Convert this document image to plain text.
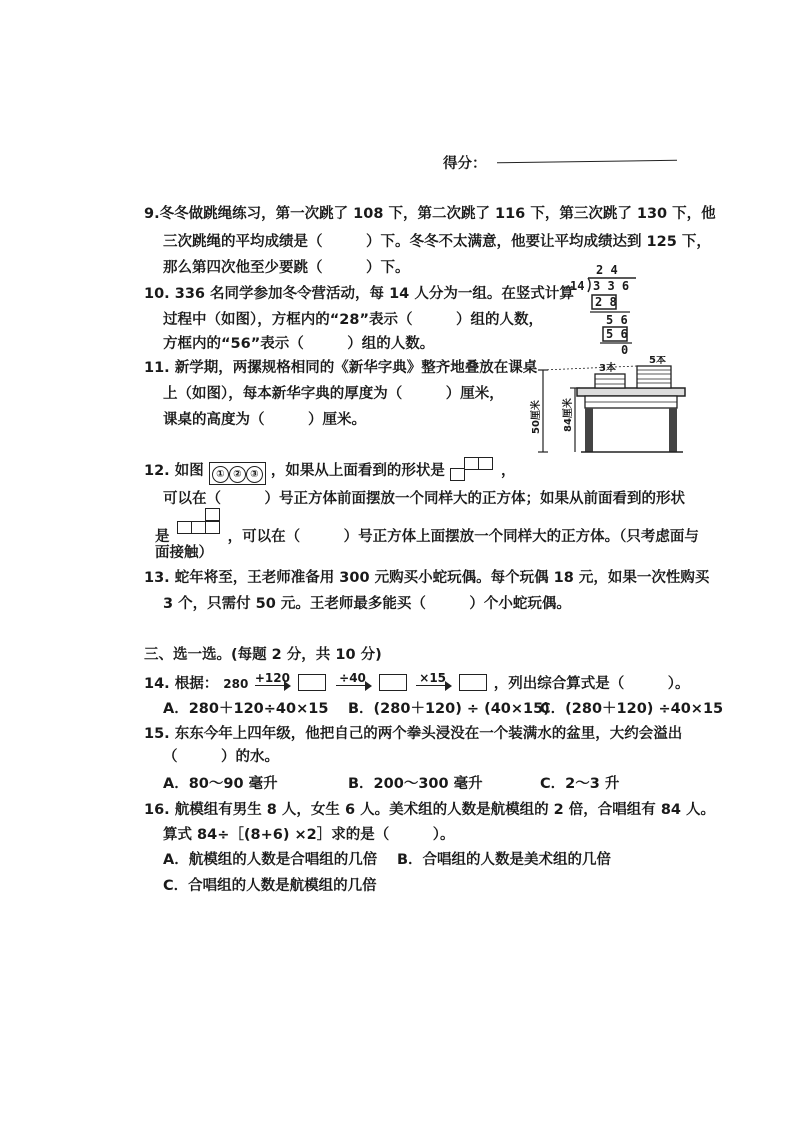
得分：
9.冬冬做跳绳练习，第一次跳了 108 下，第二次跳了 116 下，第三次跳了 130 下，他
三次跳绳的平均成绩是（　　　）下。冬冬不太满意，他要让平均成绩达到 125 下，
那么第四次他至少要跳（　　　）下。
10. 336 名同学参加冬令营活动，每 14 人分为一组。在竖式计算
过程中（如图），方框内的“28”表示（　　　）组的人数，
方框内的“56”表示（　　　）组的人数。
2 4
14 3 3 6
2 8
5 6
5 6
0
11. 新学期，两摞规格相同的《新华字典》整齐地叠放在课桌
上（如图），每本新华字典的厚度为（　　　）厘米，
课桌的高度为（　　　）厘米。	50厘米 84厘米
3本
5本
12. 如图 ① ② ③ ，如果从上面看到的形状是	，
可以在（　　　）号正方体前面摆放一个同样大的正方体；如果从前面看到的形状
是	，可以在（　　　）号正方体上面摆放一个同样大的正方体。（只考虑面与
面接触）
13. 蛇年将至，王老师准备用 300 元购买小蛇玩偶。每个玩偶 18 元，如果一次性购买
3 个，只需付 50 元。王老师最多能买（　　　）个小蛇玩偶。
三、选一选。(每题 2 分，共 10 分)
14. 根据： 280 +120
	÷40
	×15	，列出综合算式是（　　　）。
A．280＋120÷40×15 B．(280＋120) ÷ (40×15)
C．(280＋120) ÷40×15
15. 东东今年上四年级，他把自己的两个拳头浸没在一个装满水的盆里，大约会溢出
（　　　）的水。
A．80～90 毫升	B．200～300 毫升	C．2～3 升
16. 航模组有男生 8 人，女生 6 人。美术组的人数是航模组的 2 倍，合唱组有 84 人。
算式 84÷［(8+6) ×2］求的是（　　　）。
A．航模组的人数是合唱组的几倍 B．合唱组的人数是美术组的几倍
C．合唱组的人数是航模组的几倍
